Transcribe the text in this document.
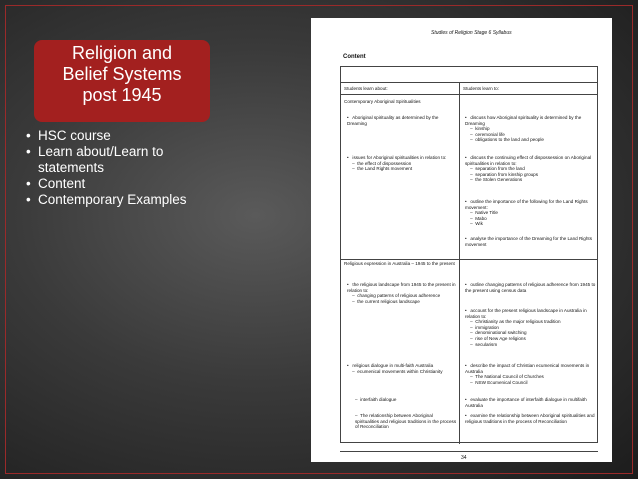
Religion and
Belief Systems
post 1945
• HSC course
• Learn about/Learn to statements
• Content
• Contemporary Examples
Studies of Religion Stage 6 Syllabus
Content
Students learn about:	Students learn to:
Contemporary Aboriginal Spiritualities
•   Aboriginal spirituality as determined by the Dreaming
•   discuss how Aboriginal spirituality is determined by the Dreaming
–  kinship
–  ceremonial life
–  obligations to the land and people
•   issues for Aboriginal spiritualities in relation to:
–  the effect of dispossession
–  the Land Rights movement
•   discuss the continuing effect of dispossession on Aboriginal spiritualities in relation to:
–  separation from the land
–  separation from kinship groups
–  the Stolen Generations
•   outline the importance of the following for the Land Rights movement:
–  Native Title
–  Mabo
–  Wik
•   analyse the importance of the Dreaming for the Land Rights movement
Religious expression in Australia – 1945 to the present
•   the religious landscape from 1945 to the present in relation to:
–  changing patterns of religious adherence
–  the current religious landscape
•   outline changing patterns of religious adherence from 1945 to the present using census data
•   account for the present religious landscape in Australia in relation to:
–  Christianity as the major religious tradition
–  immigration
–  denominational switching
–  rise of New Age religions
–  secularism
•   religious dialogue in multi-faith Australia
–  ecumenical movements within Christianity
•   describe the impact of Christian ecumenical movements in Australia
–  The National Council of Churches
–  NSW Ecumenical Council
–  interfaith dialogue	•   evaluate the importance of interfaith dialogue in multifaith Australia
–  The relationship between Aboriginal spiritualities and religious traditions in the process of Reconciliation
•   examine the relationship between Aboriginal spiritualities and religious traditions in the process of Reconciliation
34
